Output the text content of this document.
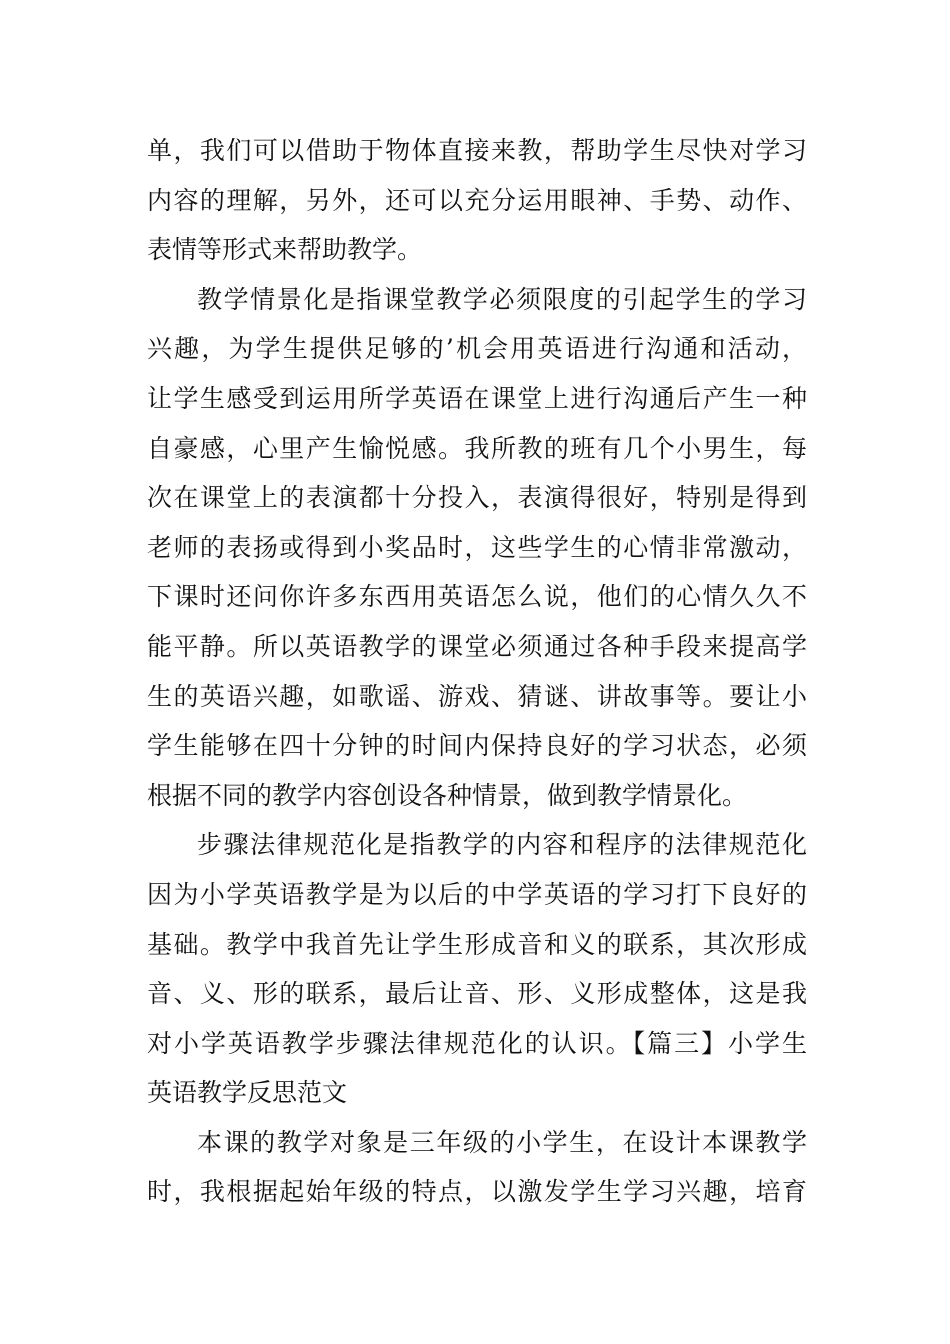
单，我们可以借助于物体直接来教，帮助学生尽快对学习
内容的理解，另外，还可以充分运用眼神、手势、动作、
表情等形式来帮助教学。
教学情景化是指课堂教学必须限度的引起学生的学习
兴趣，为学生提供足够的’机会用英语进行沟通和活动，
让学生感受到运用所学英语在课堂上进行沟通后产生一种
自豪感，心里产生愉悦感。我所教的班有几个小男生，每
次在课堂上的表演都十分投入，表演得很好，特别是得到
老师的表扬或得到小奖品时，这些学生的心情非常激动，
下课时还问你许多东西用英语怎么说，他们的心情久久不
能平静。所以英语教学的课堂必须通过各种手段来提高学
生的英语兴趣，如歌谣、游戏、猜谜、讲故事等。要让小
学生能够在四十分钟的时间内保持良好的学习状态，必须
根据不同的教学内容创设各种情景，做到教学情景化。
步骤法律规范化是指教学的内容和程序的法律规范化
因为小学英语教学是为以后的中学英语的学习打下良好的
基础。教学中我首先让学生形成音和义的联系，其次形成
音、义、形的联系，最后让音、形、义形成整体，这是我
对小学英语教学步骤法律规范化的认识。【篇三】小学生
英语教学反思范文
本课的教学对象是三年级的小学生，在设计本课教学
时，我根据起始年级的特点，以激发学生学习兴趣，培育
